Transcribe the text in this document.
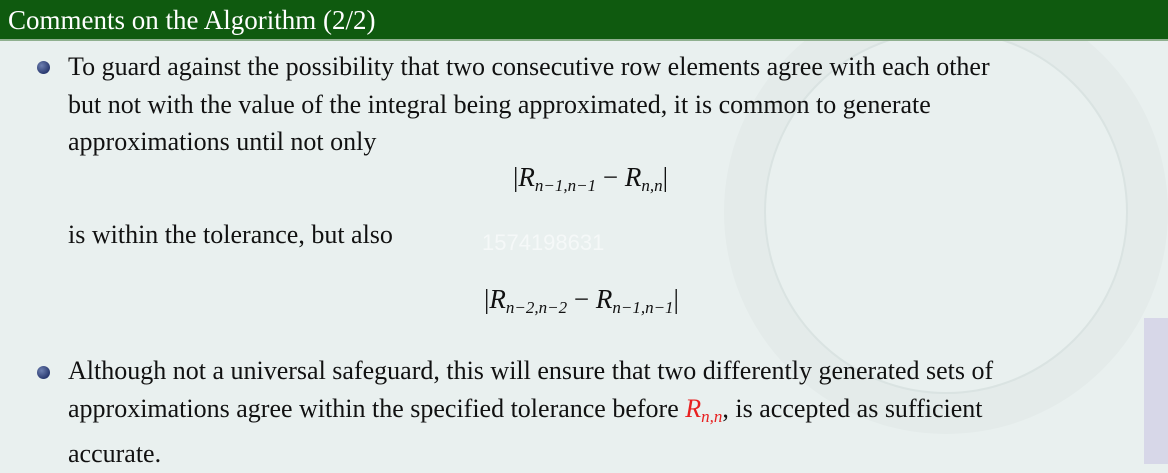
Comments on the Algorithm (2/2)
To guard against the possibility that two consecutive row elements agree with each other
but not with the value of the integral being approximated, it is common to generate
approximations until not only
$|R_{n-1,n-1} - R_{n,n}|$
is within the tolerance, but also	1574198631
$|R_{n-2,n-2} - R_{n-1,n-1}|$
Although not a universal safeguard, this will ensure that two differently generated sets of
approximations agree within the specified tolerance before $R_{n,n}$, is accepted as sufficient
accurate.
